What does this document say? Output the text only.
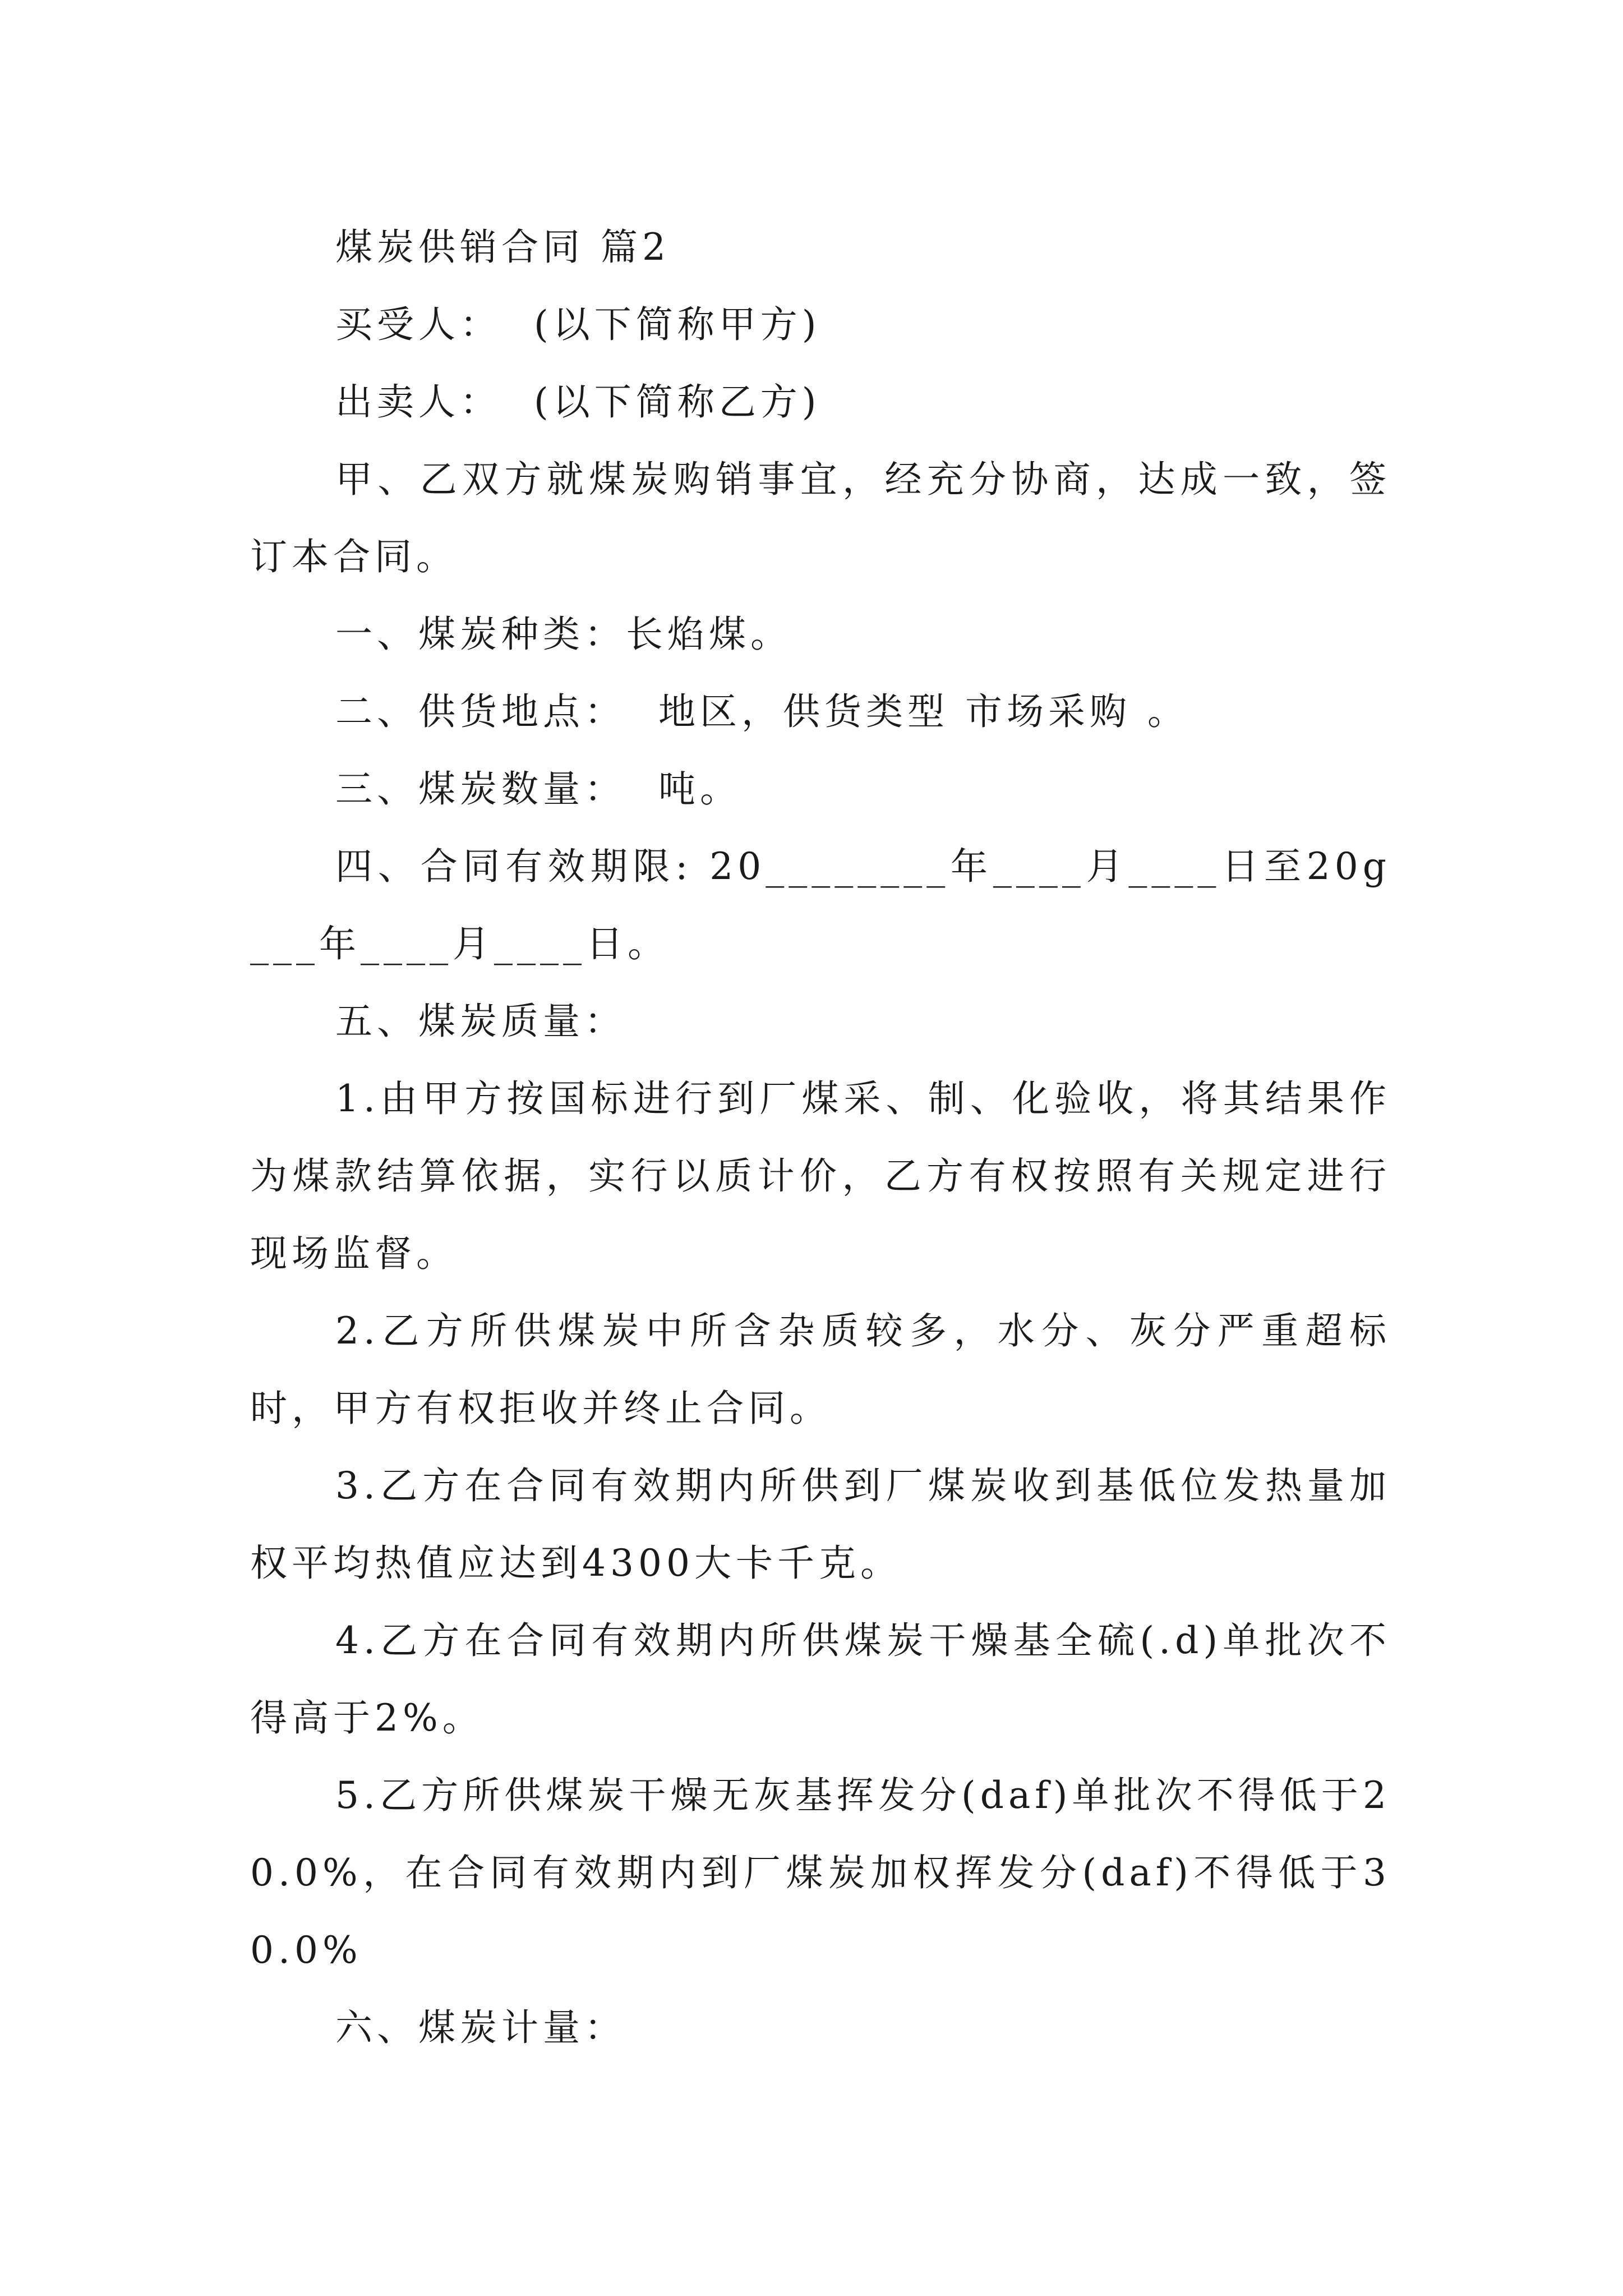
煤炭供销合同 篇2

买受人：  (以下简称甲方)

出卖人：  (以下简称乙方)

甲、乙双方就煤炭购销事宜，经充分协商，达成一致，签订本合同。

一、煤炭种类：长焰煤。

二、供货地点：  地区，供货类型 市场采购 。

三、煤炭数量：  吨。

四、合同有效期限: 20________年____月____日至20g___年____月____日。

五、煤炭质量：

1.由甲方按国标进行到厂煤采、制、化验收，将其结果作为煤款结算依据，实行以质计价，乙方有权按照有关规定进行现场监督。

2.乙方所供煤炭中所含杂质较多，水分、灰分严重超标时，甲方有权拒收并终止合同。

3.乙方在合同有效期内所供到厂煤炭收到基低位发热量加权平均热值应达到4300大卡千克。

4.乙方在合同有效期内所供煤炭干燥基全硫(.d)单批次不得高于2%。

5.乙方所供煤炭干燥无灰基挥发分(daf)单批次不得低于20.0%，在合同有效期内到厂煤炭加权挥发分(daf)不得低于30.0%

六、煤炭计量：
